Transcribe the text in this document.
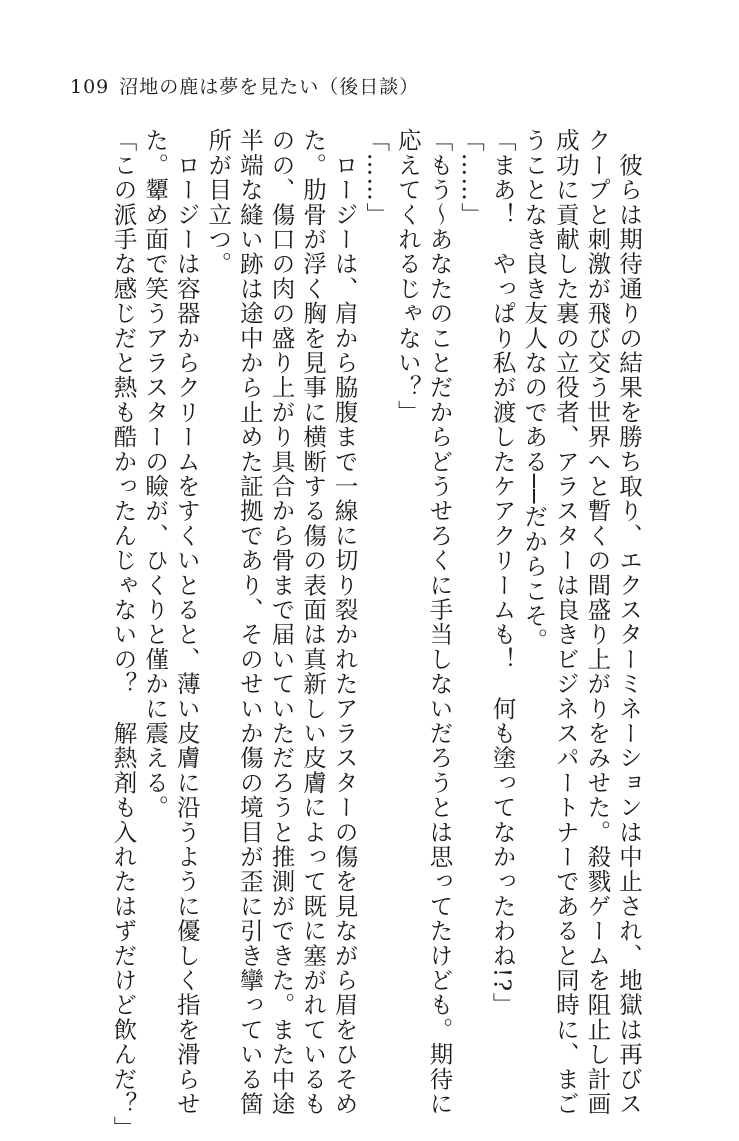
109 沼地の鹿は夢を見たい（後日談）
　彼らは期待通りの結果を勝ち取り、エクスターミネーションは中止され、地獄は再びス
クープと刺激が飛び交う世界へと暫くの間盛り上がりをみせた。殺戮ゲームを阻止し計画
成功に貢献した裏の立役者、アラスターは良きビジネスパートナーであると同時に、まご
うことなき良き友人なのである──だからこそ。
「まあ！　やっぱり私が渡したケアクリームも！　何も塗ってなかったわね!?」
「……」
「もう～あなたのことだからどうせろくに手当しないだろうとは思ってたけども。期待に
応えてくれるじゃない？」
「……」
　ロージーは、肩から脇腹まで一線に切り裂かれたアラスターの傷を見ながら眉をひそめ
た。肋骨が浮く胸を見事に横断する傷の表面は真新しい皮膚によって既に塞がれているも
のの、傷口の肉の盛り上がり具合から骨まで届いていただろうと推測ができた。また中途
半端な縫い跡は途中から止めた証拠であり、そのせいか傷の境目が歪に引き攣っている箇
所が目立つ。
　ロージーは容器からクリームをすくいとると、薄い皮膚に沿うように優しく指を滑らせ
た。顰め面で笑うアラスターの瞼が、ひくりと僅かに震える。
「この派手な感じだと熱も酷かったんじゃないの？　解熱剤も入れたはずだけど飲んだ？」
